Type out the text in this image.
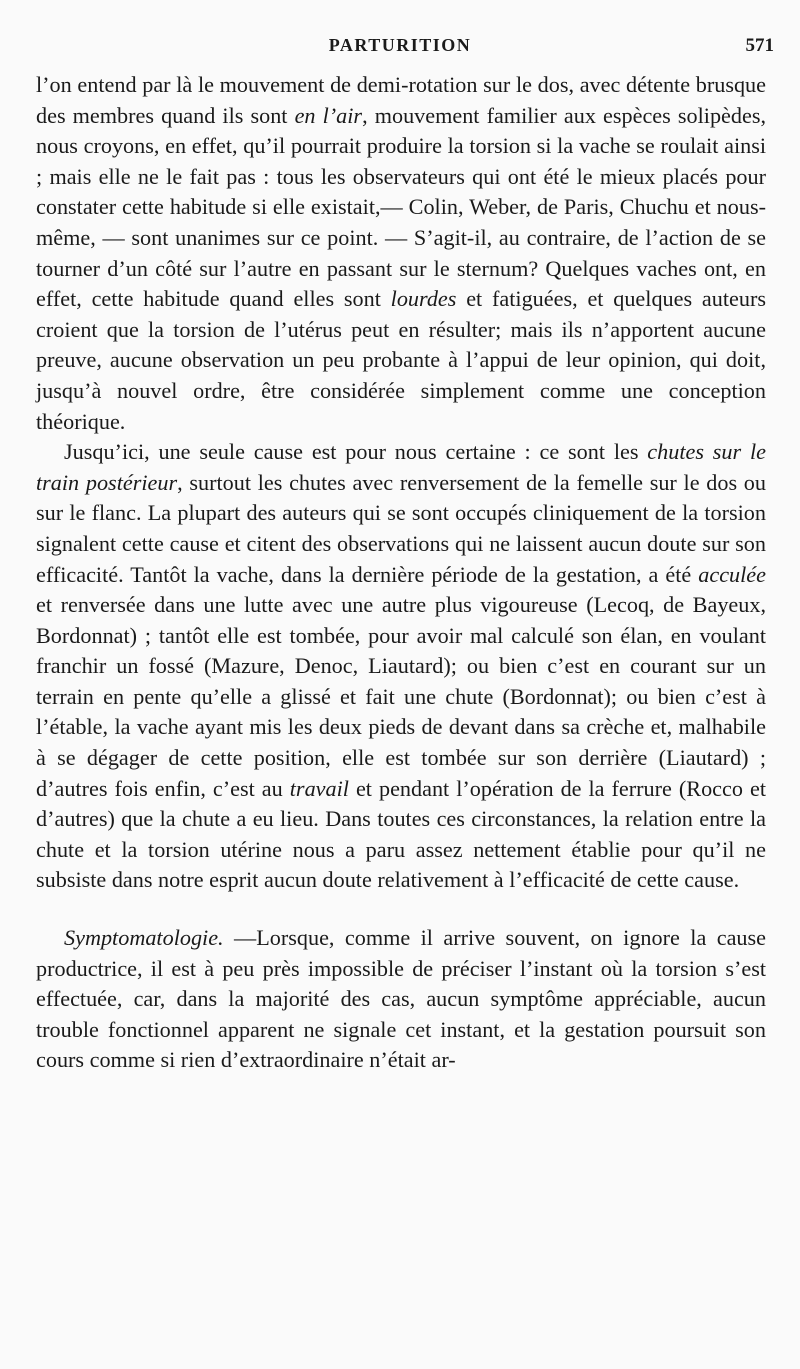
PARTURITION	571

l’on entend par là le mouvement de demi-rotation sur le dos, avec détente brusque des membres quand ils sont en l’air, mouvement familier aux espèces solipèdes, nous croyons, en effet, qu’il pourrait produire la torsion si la vache se roulait ainsi ; mais elle ne le fait pas : tous les observateurs qui ont été le mieux placés pour constater cette habitude si elle existait,— Colin, Weber, de Paris, Chuchu et nous-même, — sont unanimes sur ce point. — S’agit-il, au contraire, de l’action de se tourner d’un côté sur l’autre en passant sur le sternum? Quelques vaches ont, en effet, cette habitude quand elles sont lourdes et fatiguées, et quelques auteurs croient que la torsion de l’utérus peut en résulter; mais ils n’apportent aucune preuve, aucune observation un peu probante à l’appui de leur opinion, qui doit, jusqu’à nouvel ordre, être considérée simplement comme une conception théorique.

Jusqu’ici, une seule cause est pour nous certaine : ce sont les chutes sur le train postérieur, surtout les chutes avec renversement de la femelle sur le dos ou sur le flanc. La plupart des auteurs qui se sont occupés cliniquement de la torsion signalent cette cause et citent des observations qui ne laissent aucun doute sur son efficacité. Tantôt la vache, dans la dernière période de la gestation, a été acculée et renversée dans une lutte avec une autre plus vigoureuse (Lecoq, de Bayeux, Bordonnat) ; tantôt elle est tombée, pour avoir mal calculé son élan, en voulant franchir un fossé (Mazure, Denoc, Liautard); ou bien c’est en courant sur un terrain en pente qu’elle a glissé et fait une chute (Bordonnat); ou bien c’est à l’étable, la vache ayant mis les deux pieds de devant dans sa crèche et, malhabile à se dégager de cette position, elle est tombée sur son derrière (Liautard) ; d’autres fois enfin, c’est au travail et pendant l’opération de la ferrure (Rocco et d’autres) que la chute a eu lieu. Dans toutes ces circonstances, la relation entre la chute et la torsion utérine nous a paru assez nettement établie pour qu’il ne subsiste dans notre esprit aucun doute relativement à l’efficacité de cette cause.

Symptomatologie. —Lorsque, comme il arrive souvent, on ignore la cause productrice, il est à peu près impossible de préciser l’instant où la torsion s’est effectuée, car, dans la majorité des cas, aucun symptôme appréciable, aucun trouble fonctionnel apparent ne signale cet instant, et la gestation poursuit son cours comme si rien d’extraordinaire n’était ar-
